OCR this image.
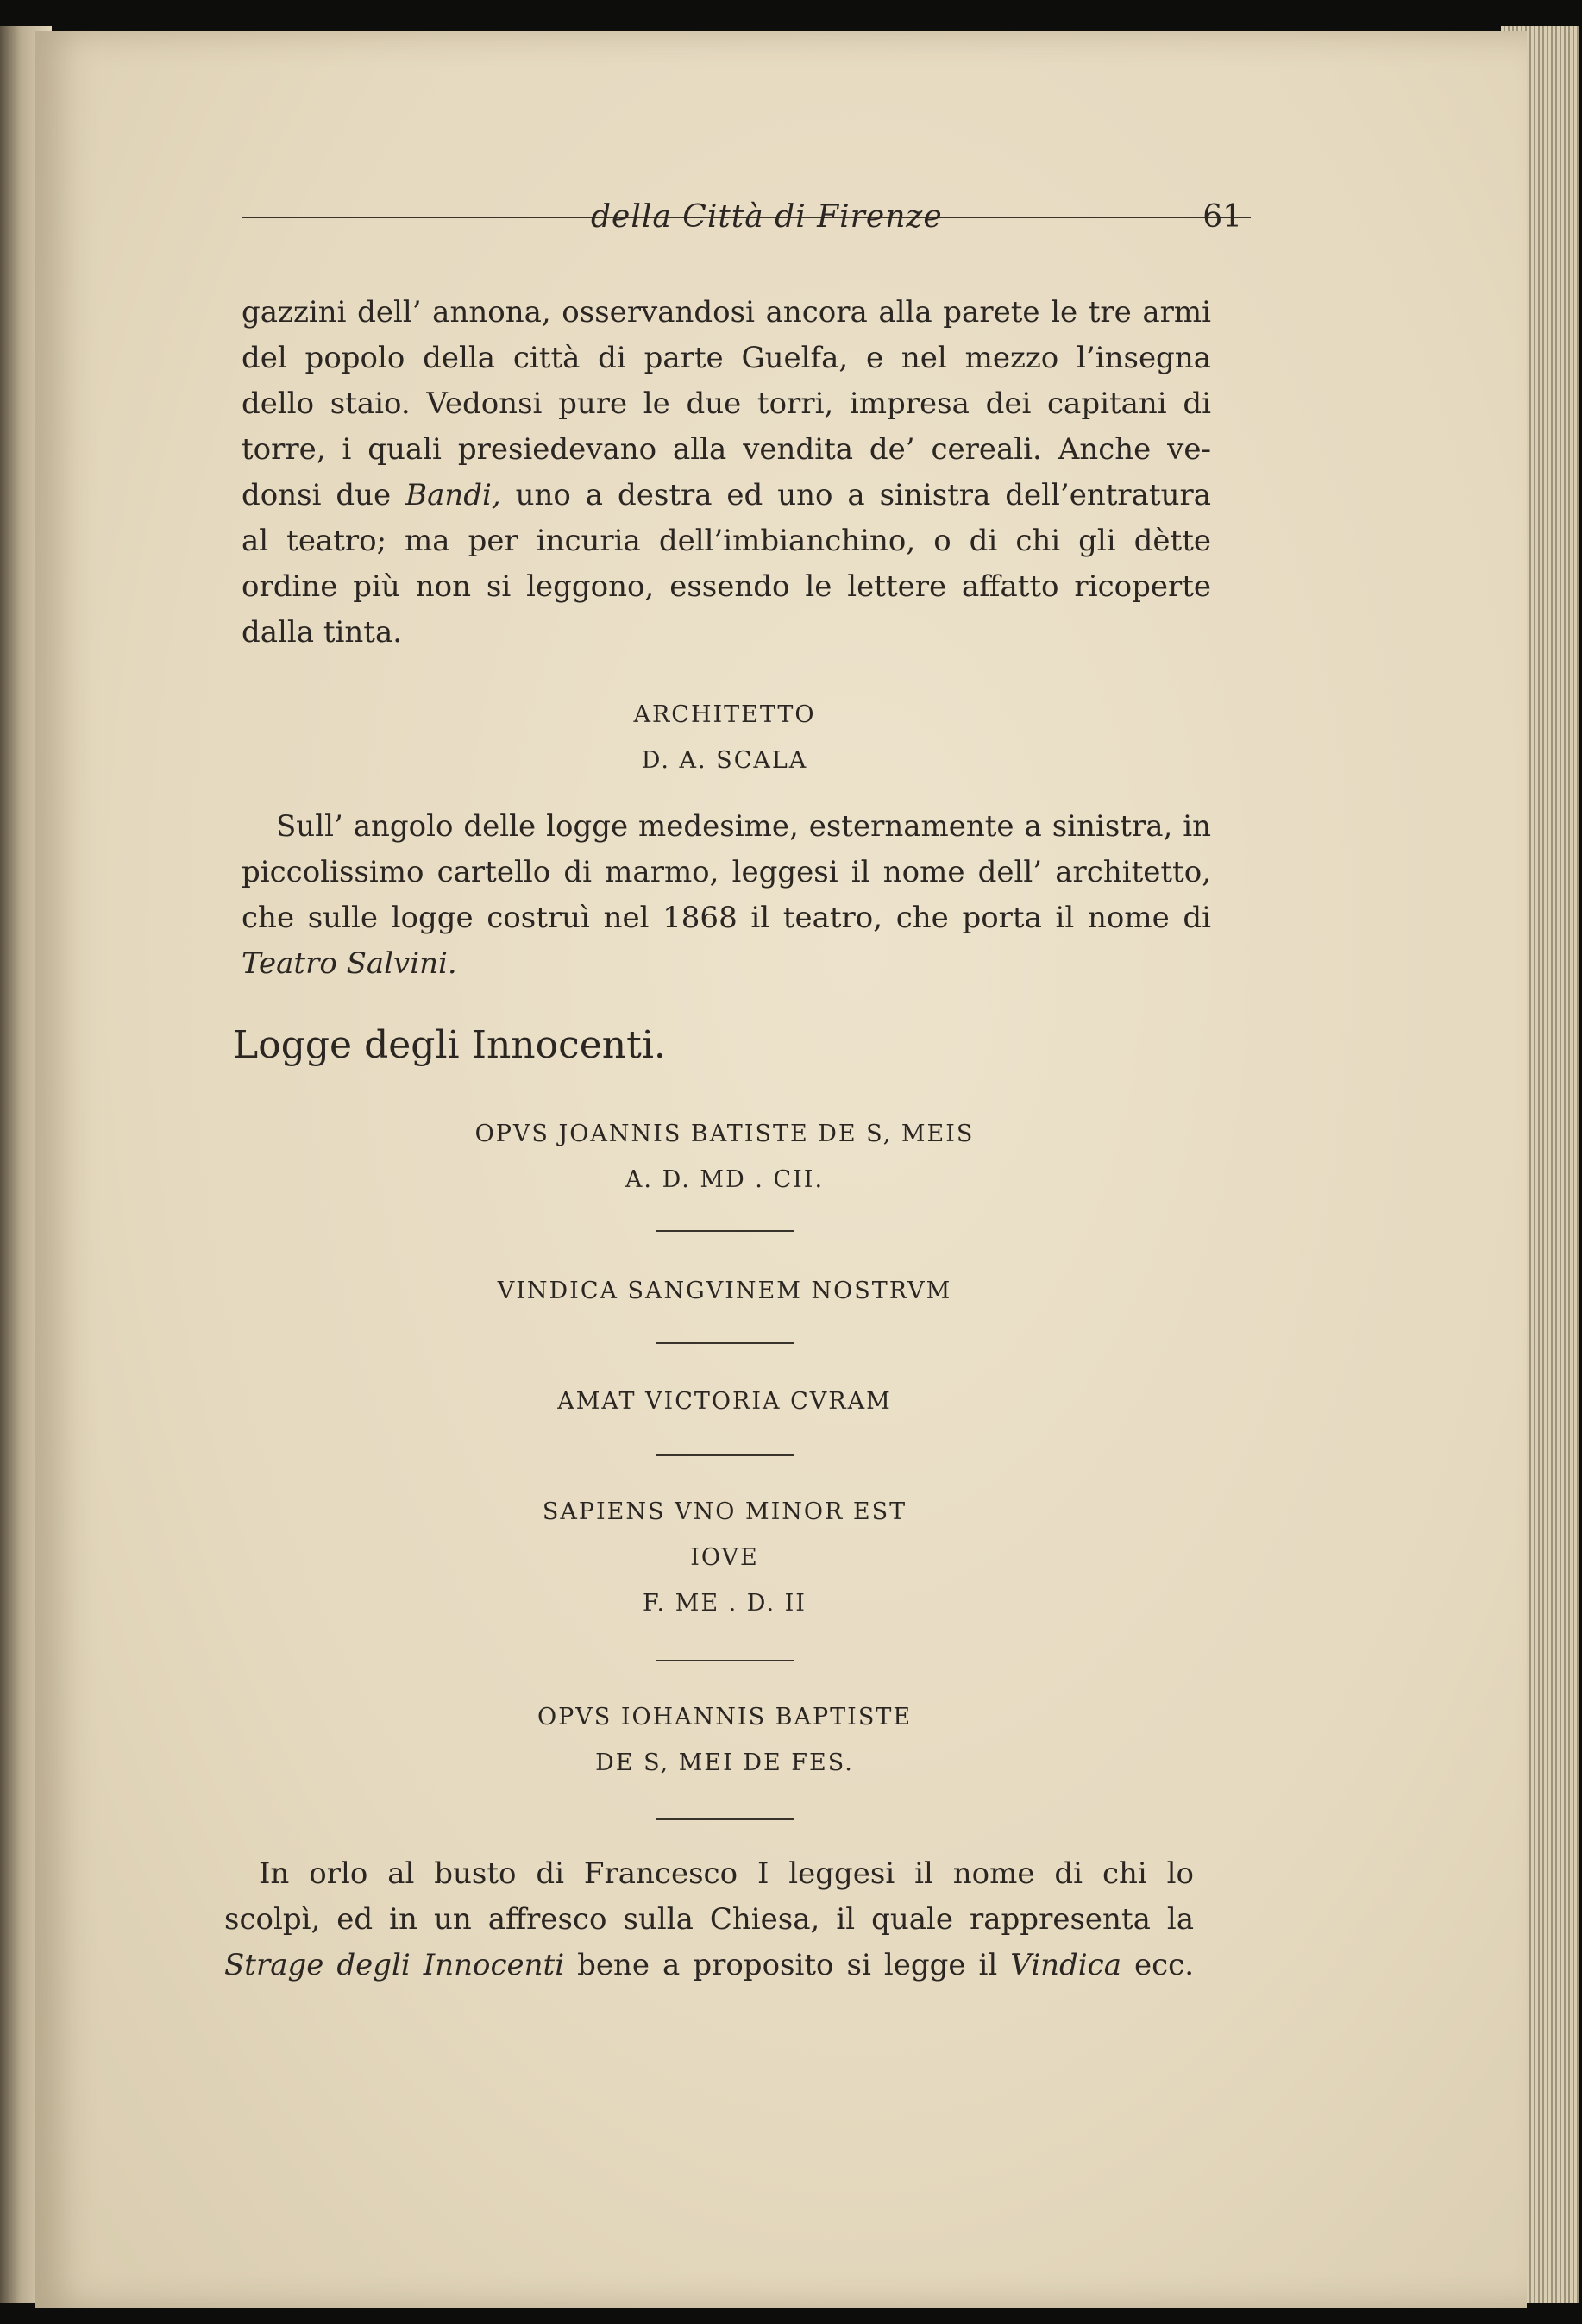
della Città di Firenze	61
gazzini dell’ annona, osservandosi ancora alla parete le tre armi
del popolo della città di parte Guelfa, e nel mezzo l’insegna
dello staio. Vedonsi pure le due torri, impresa dei capitani di
torre, i quali presiedevano alla vendita de’ cereali. Anche ve-
donsi due Bandi, uno a destra ed uno a sinistra dell’entratura
al teatro; ma per incuria dell’imbianchino, o di chi gli dètte
ordine più non si leggono, essendo le lettere affatto ricoperte
dalla tinta.
ARCHITETTO
D. A. SCALA
Sull’ angolo delle logge medesime, esternamente a sinistra, in
piccolissimo cartello di marmo, leggesi il nome dell’ architetto,
che sulle logge costruì nel 1868 il teatro, che porta il nome di
Teatro Salvini.
Logge degli Innocenti.
OPVS JOANNIS BATISTE DE S, MEIS
A. D. MD . CII.
VINDICA SANGVINEM NOSTRVM
AMAT VICTORIA CVRAM
SAPIENS VNO MINOR EST
IOVE
F. ME . D. II
OPVS IOHANNIS BAPTISTE
DE S, MEI DE FES.
In orlo al busto di Francesco I leggesi il nome di chi lo
scolpì, ed in un affresco sulla Chiesa, il quale rappresenta la
Strage degli Innocenti bene a proposito si legge il Vindica ecc.
